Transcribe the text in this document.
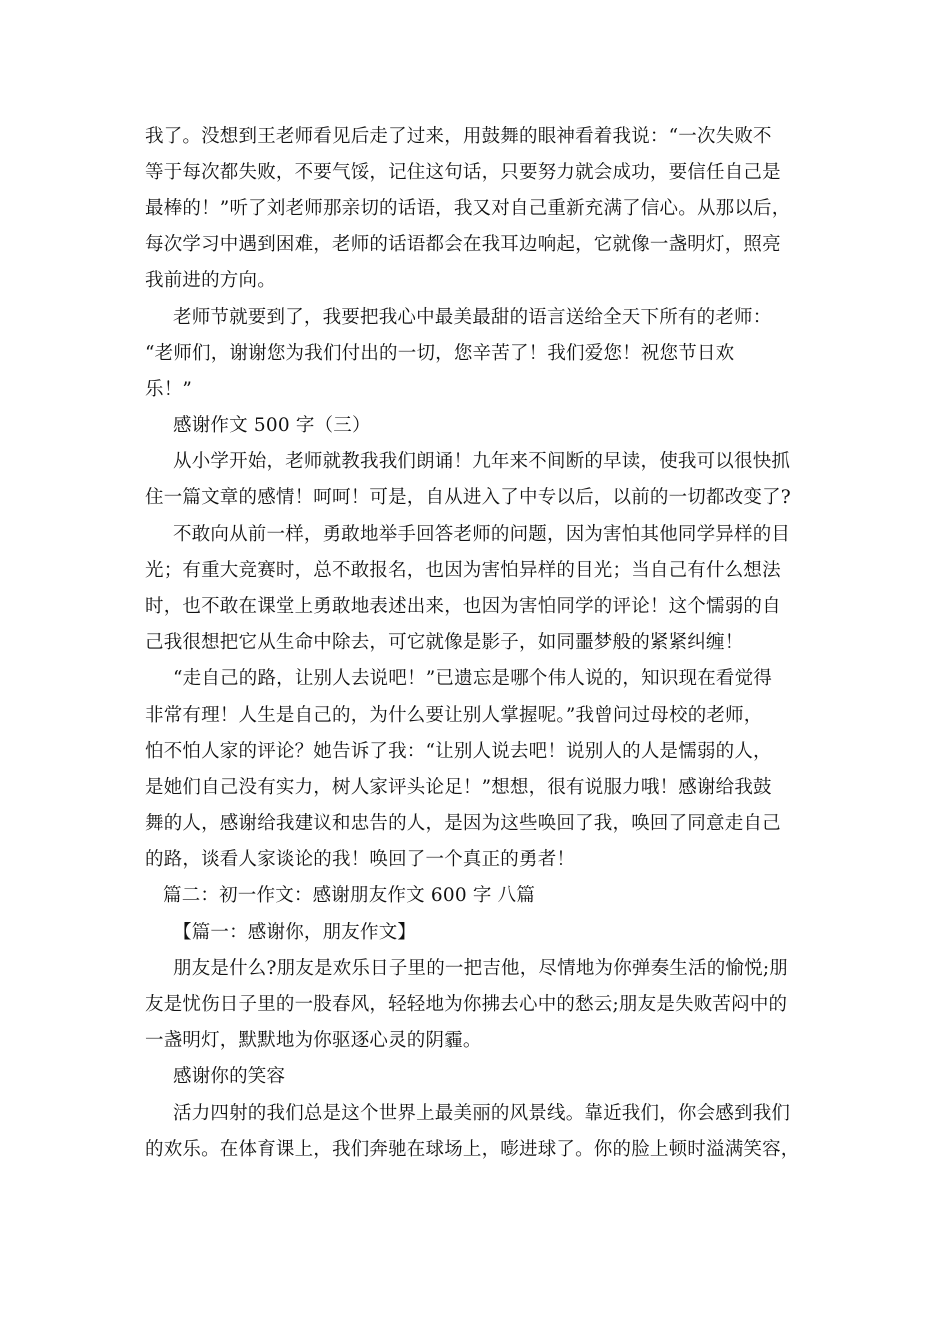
我了。没想到王老师看见后走了过来，用鼓舞的眼神看着我说：“一次失败不
等于每次都失败，不要气馁，记住这句话，只要努力就会成功，要信任自己是
最棒的！”听了刘老师那亲切的话语，我又对自己重新充满了信心。从那以后，
每次学习中遇到困难，老师的话语都会在我耳边响起，它就像一盏明灯，照亮
我前进的方向。
老师节就要到了，我要把我心中最美最甜的语言送给全天下所有的老师：
“老师们，谢谢您为我们付出的一切，您辛苦了！我们爱您！祝您节日欢
乐！”
感谢作文 500 字（三）
从小学开始，老师就教我我们朗诵！九年来不间断的早读，使我可以很快抓
住一篇文章的感情！呵呵！可是，自从进入了中专以后，以前的一切都改变了?
不敢向从前一样，勇敢地举手回答老师的问题，因为害怕其他同学异样的目
光；有重大竞赛时，总不敢报名，也因为害怕异样的目光；当自己有什么想法
时，也不敢在课堂上勇敢地表述出来，也因为害怕同学的评论！这个懦弱的自
己我很想把它从生命中除去，可它就像是影子，如同噩梦般的紧紧纠缠！
“走自己的路，让别人去说吧！”已遗忘是哪个伟人说的，知识现在看觉得
非常有理！人生是自己的，为什么要让别人掌握呢。”我曾问过母校的老师，
怕不怕人家的评论？她告诉了我：“让别人说去吧！说别人的人是懦弱的人，
是她们自己没有实力，树人家评头论足！”想想，很有说服力哦！感谢给我鼓
舞的人，感谢给我建议和忠告的人，是因为这些唤回了我，唤回了同意走自己
的路，谈看人家谈论的我！唤回了一个真正的勇者！
篇二：初一作文：感谢朋友作文 600 字 八篇
【篇一：感谢你，朋友作文】
朋友是什么?朋友是欢乐日子里的一把吉他，尽情地为你弹奏生活的愉悦;朋
友是忧伤日子里的一股春风，轻轻地为你拂去心中的愁云;朋友是失败苦闷中的
一盏明灯，默默地为你驱逐心灵的阴霾。
感谢你的笑容
活力四射的我们总是这个世界上最美丽的风景线。靠近我们，你会感到我们
的欢乐。在体育课上，我们奔驰在球场上，嘭进球了。你的脸上顿时溢满笑容，
